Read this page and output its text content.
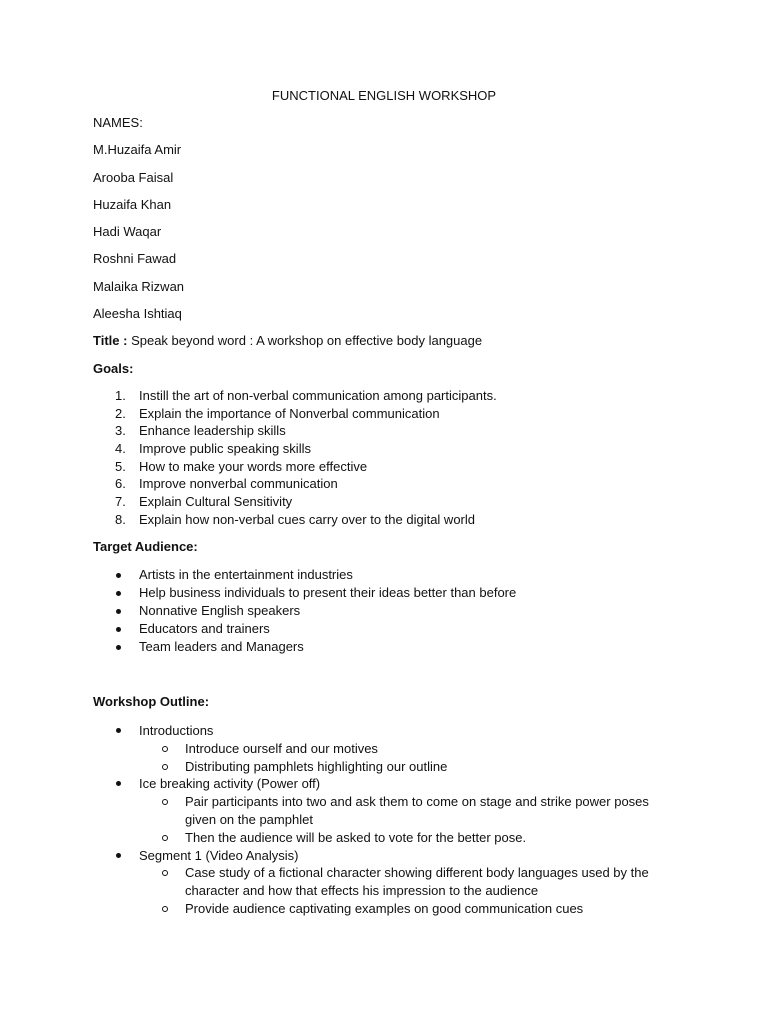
FUNCTIONAL ENGLISH WORKSHOP
NAMES:
M.Huzaifa Amir
Arooba Faisal
Huzaifa Khan
Hadi Waqar
Roshni Fawad
Malaika Rizwan
Aleesha Ishtiaq
Title : Speak beyond word : A workshop on effective body language
Goals:
1. Instill the art of non-verbal communication among participants.
2. Explain the importance of Nonverbal communication
3. Enhance leadership skills
4. Improve public speaking skills
5. How to make your words more effective
6. Improve nonverbal communication
7. Explain Cultural Sensitivity
8. Explain how non-verbal cues carry over to the digital world
Target Audience:
Artists in the entertainment industries
Help business individuals to present their ideas better than before
Nonnative English speakers
Educators and trainers
Team leaders and Managers
Workshop Outline:
Introductions
Introduce ourself and our motives
Distributing pamphlets highlighting our outline
Ice breaking activity (Power off)
Pair participants into two and ask them to come on stage and strike power poses given on the pamphlet
Then the audience will be asked to vote for the better pose.
Segment 1 (Video Analysis)
Case study of a fictional character showing different body languages used by the character and how that effects his impression to the audience
Provide audience captivating examples on good communication cues
